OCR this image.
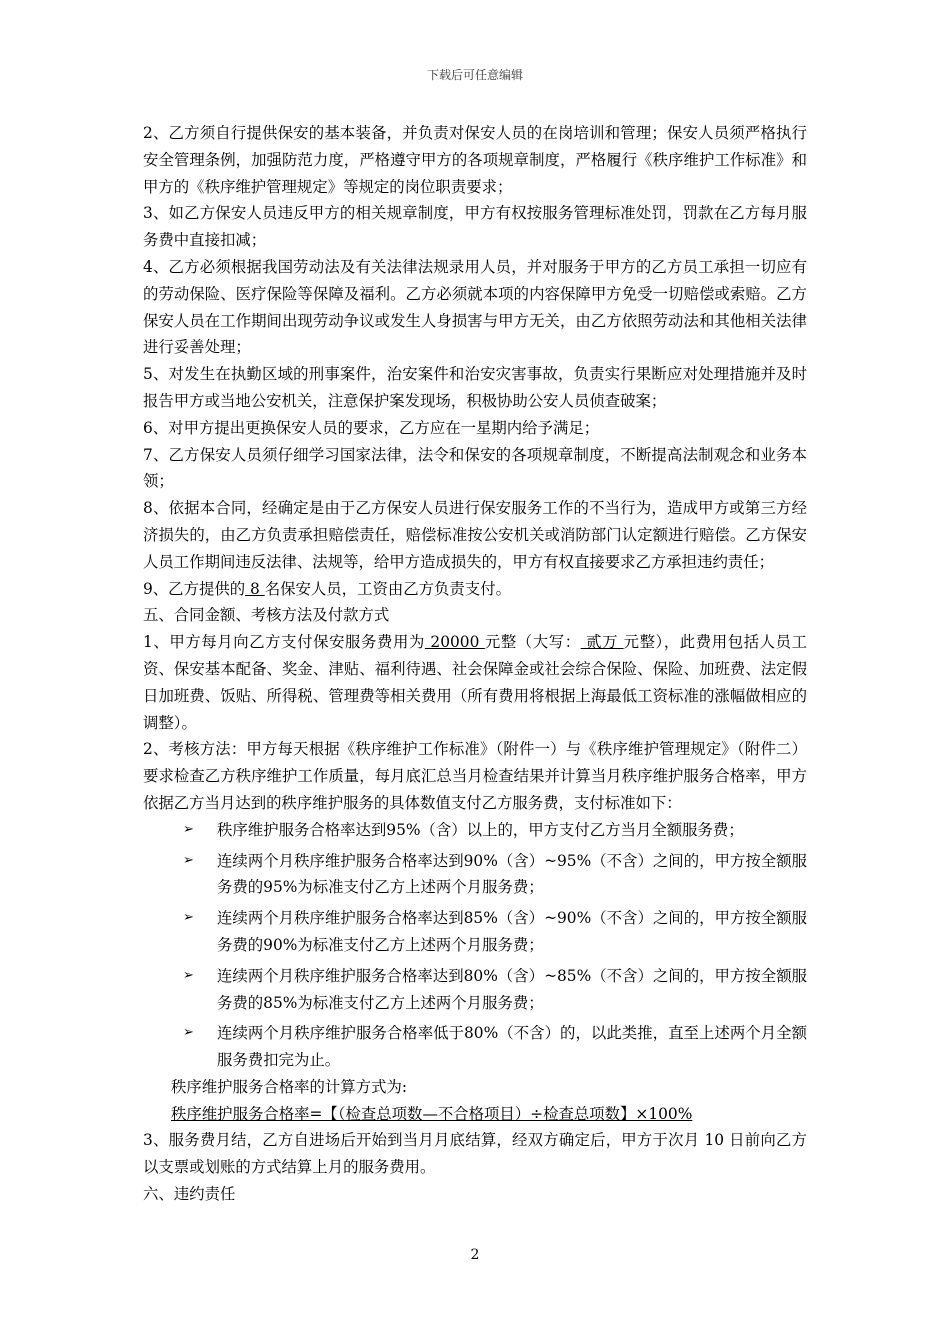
下载后可任意编辑

2、乙方须自行提供保安的基本装备，并负责对保安人员的在岗培训和管理；保安人员须严格执行安全管理条例，加强防范力度，严格遵守甲方的各项规章制度，严格履行《秩序维护工作标准》和甲方的《秩序维护管理规定》等规定的岗位职责要求；

3、如乙方保安人员违反甲方的相关规章制度，甲方有权按服务管理标准处罚，罚款在乙方每月服务费中直接扣减；

4、乙方必须根据我国劳动法及有关法律法规录用人员，并对服务于甲方的乙方员工承担一切应有的劳动保险、医疗保险等保障及福利。乙方必须就本项的内容保障甲方免受一切赔偿或索赔。乙方保安人员在工作期间出现劳动争议或发生人身损害与甲方无关，由乙方依照劳动法和其他相关法律进行妥善处理；

5、对发生在执勤区域的刑事案件，治安案件和治安灾害事故，负责实行果断应对处理措施并及时报告甲方或当地公安机关，注意保护案发现场，积极协助公安人员侦查破案；

6、对甲方提出更换保安人员的要求，乙方应在一星期内给予满足；

7、乙方保安人员须仔细学习国家法律，法令和保安的各项规章制度，不断提高法制观念和业务本领；

8、依据本合同，经确定是由于乙方保安人员进行保安服务工作的不当行为，造成甲方或第三方经济损失的，由乙方负责承担赔偿责任，赔偿标准按公安机关或消防部门认定额进行赔偿。乙方保安人员工作期间违反法律、法规等，给甲方造成损失的，甲方有权直接要求乙方承担违约责任；

9、乙方提供的 8 名保安人员，工资由乙方负责支付。

五、合同金额、考核方法及付款方式

1、甲方每月向乙方支付保安服务费用为 20000 元整（大写： 贰万 元整），此费用包括人员工资、保安基本配备、奖金、津贴、福利待遇、社会保障金或社会综合保险、保险、加班费、法定假日加班费、饭贴、所得税、管理费等相关费用（所有费用将根据上海最低工资标准的涨幅做相应的调整）。

2、考核方法：甲方每天根据《秩序维护工作标准》（附件一）与《秩序维护管理规定》（附件二）要求检查乙方秩序维护工作质量，每月底汇总当月检查结果并计算当月秩序维护服务合格率，甲方依据乙方当月达到的秩序维护服务的具体数值支付乙方服务费，支付标准如下：

➢ 秩序维护服务合格率达到95%（含）以上的，甲方支付乙方当月全额服务费；
➢ 连续两个月秩序维护服务合格率达到90%（含）~95%（不含）之间的，甲方按全额服务费的95%为标准支付乙方上述两个月服务费；
➢ 连续两个月秩序维护服务合格率达到85%（含）~90%（不含）之间的，甲方按全额服务费的90%为标准支付乙方上述两个月服务费；
➢ 连续两个月秩序维护服务合格率达到80%（含）~85%（不含）之间的，甲方按全额服务费的85%为标准支付乙方上述两个月服务费；
➢ 连续两个月秩序维护服务合格率低于80%（不含）的，以此类推，直至上述两个月全额服务费扣完为止。

秩序维护服务合格率的计算方式为:

秩序维护服务合格率=【（检查总项数—不合格项目）÷检查总项数】×100%

3、服务费月结，乙方自进场后开始到当月月底结算，经双方确定后，甲方于次月 10 日前向乙方以支票或划账的方式结算上月的服务费用。

六、违约责任

2
